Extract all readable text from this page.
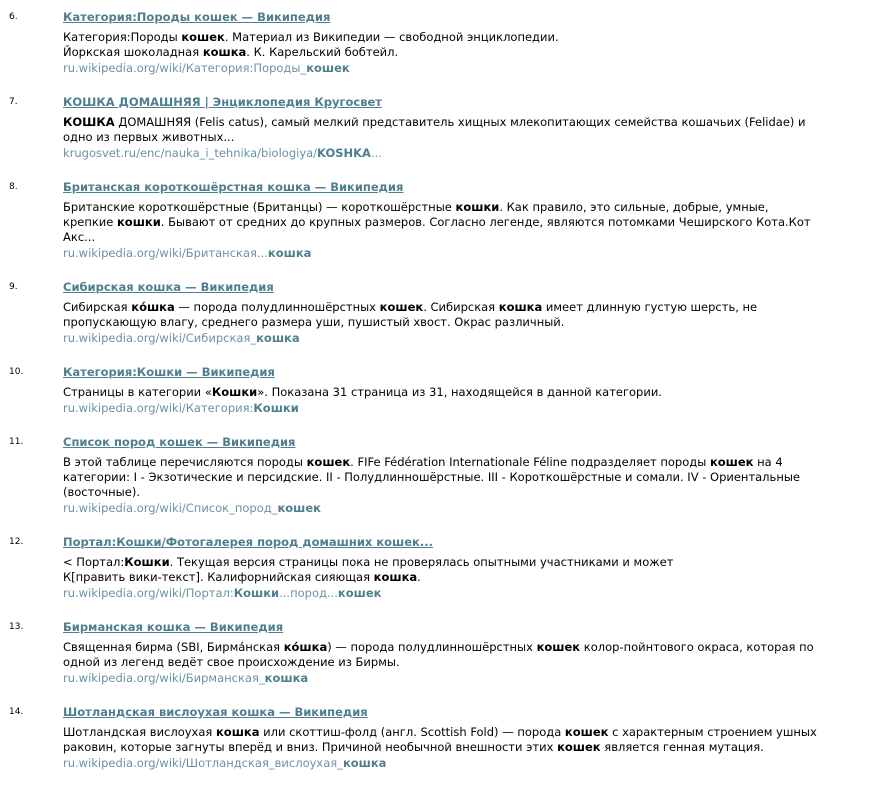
6.	Категория:Породы кошек — Википедия
Категория:Породы кошек. Материал из Википедии — свободной энциклопедии.
Йоркская шоколадная кошка. К. Карельский бобтейл.
ru.wikipedia.org/wiki/Категория:Породы_кошек
7.	КОШКА ДОМАШНЯЯ | Энциклопедия Кругосвет
КОШКА ДОМАШНЯЯ (Felis catus), самый мелкий представитель хищных млекопитающих семейства кошачьих (Felidae) и
одно из первых животных...
krugosvet.ru/enc/nauka_i_tehnika/biologiya/KOSHKA...
8.	Британская короткошёрстная кошка — Википедия
Британские короткошёрстные (Британцы) — короткошёрстные кошки. Как правило, это сильные, добрые, умные,
крепкие кошки. Бывают от средних до крупных размеров. Согласно легенде, являются потомками Чеширского Кота.Кот
Акс...
ru.wikipedia.org/wiki/Британская...кошка
9.	Сибирская кошка — Википедия
Сибирская ко́шка — порода полудлинношёрстных кошек. Сибирская кошка имеет длинную густую шерсть, не
пропускающую влагу, среднего размера уши, пушистый хвост. Окрас различный.
ru.wikipedia.org/wiki/Сибирская_кошка
10.	Категория:Кошки — Википедия
Страницы в категории «Кошки». Показана 31 страница из 31, находящейся в данной категории.
ru.wikipedia.org/wiki/Категория:Кошки
11.	Список пород кошек — Википедия
В этой таблице перечисляются породы кошек. FIFe Fédération Internationale Féline подразделяет породы кошек на 4
категории: I - Экзотические и персидские. II - Полудлинношёрстные. III - Короткошёрстные и сомали. IV - Ориентальные
(восточные).
ru.wikipedia.org/wiki/Список_пород_кошек
12.	Портал:Кошки/Фотогалерея пород домашних кошек...
< Портал:Кошки. Текущая версия страницы пока не проверялась опытными участниками и может
К[править вики-текст]. Калифорнийская сияющая кошка.
ru.wikipedia.org/wiki/Портал:Кошки...пород...кошек
13.	Бирманская кошка — Википедия
Священная бирма (SBI, Бирма́нская ко́шка) — порода полудлинношёрстных кошек колор-пойнтового окраса, которая по
одной из легенд ведёт свое происхождение из Бирмы.
ru.wikipedia.org/wiki/Бирманская_кошка
14.	Шотландская вислоухая кошка — Википедия
Шотландская вислоухая кошка или скоттиш-фолд (англ. Scottish Fold) — порода кошек с характерным строением ушных
раковин, которые загнуты вперёд и вниз. Причиной необычной внешности этих кошек является генная мутация.
ru.wikipedia.org/wiki/Шотландская_вислоухая_кошка
